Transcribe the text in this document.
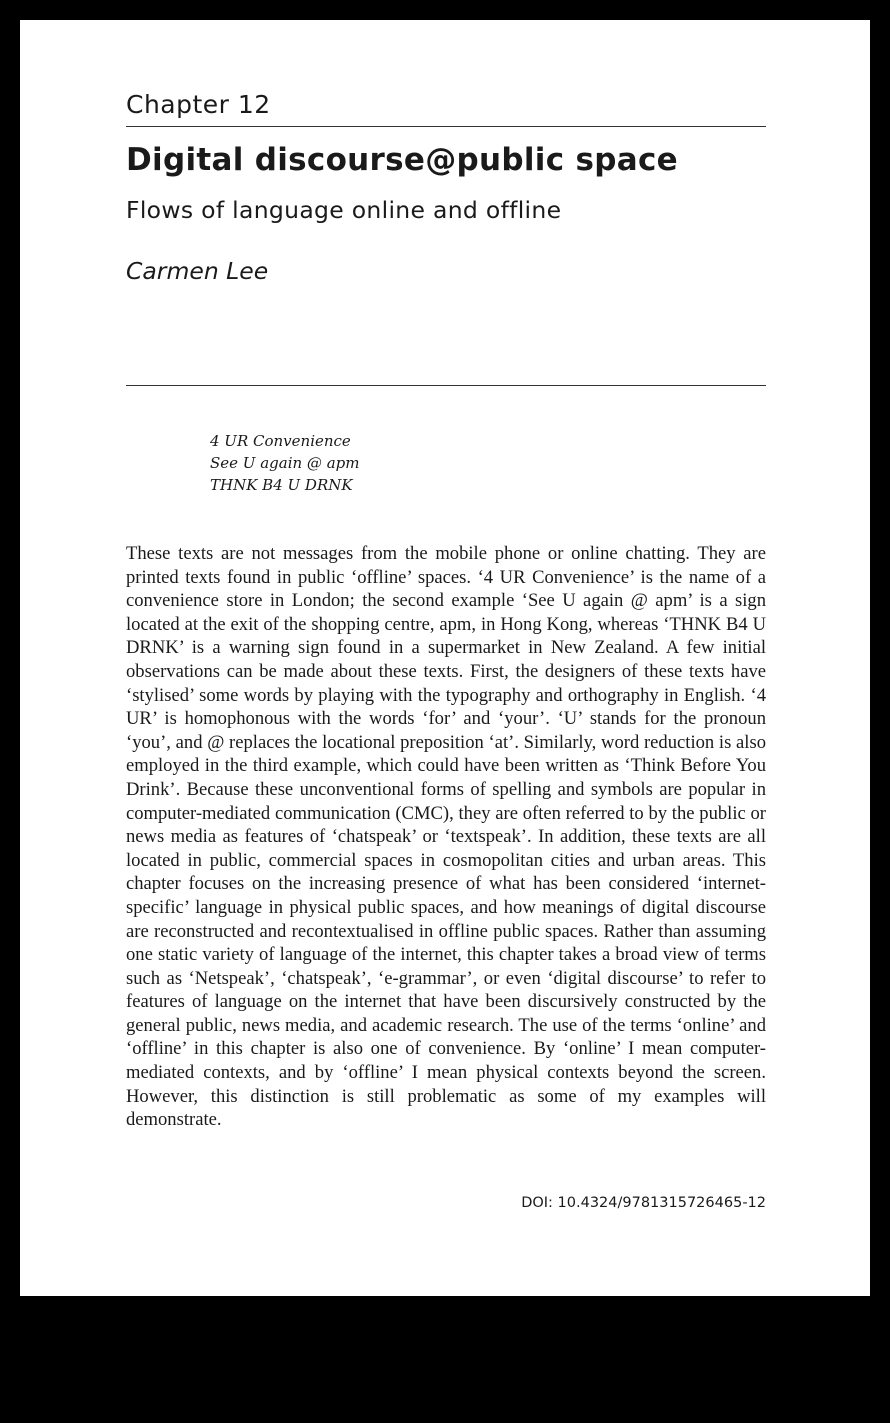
Chapter 12
Digital discourse@public space
Flows of language online and offline
Carmen Lee
4 UR Convenience
See U again @ apm
THNK B4 U DRNK

These texts are not messages from the mobile phone or online chatting. They are printed texts found in public ‘offline’ spaces. ‘4 UR Convenience’ is the name of a convenience store in London; the second example ‘See U again @ apm’ is a sign located at the exit of the shopping centre, apm, in Hong Kong, whereas ‘THNK B4 U DRNK’ is a warning sign found in a supermarket in New Zealand. A few initial observations can be made about these texts. First, the designers of these texts have ‘stylised’ some words by playing with the typography and orthography in English. ‘4 UR’ is homophonous with the words ‘for’ and ‘your’. ‘U’ stands for the pronoun ‘you’, and @ replaces the locational preposition ‘at’. Similarly, word reduction is also employed in the third example, which could have been written as ‘Think Before You Drink’. Because these unconventional forms of spelling and symbols are popular in computer-mediated communication (CMC), they are often referred to by the public or news media as features of ‘chatspeak’ or ‘textspeak’. In addition, these texts are all located in public, commercial spaces in cosmopolitan cities and urban areas. This chapter focuses on the increasing presence of what has been considered ‘internet-specific’ language in physical public spaces, and how meanings of digital discourse are reconstructed and recontextualised in offline public spaces. Rather than assuming one static variety of language of the internet, this chapter takes a broad view of terms such as ‘Netspeak’, ‘chatspeak’, ‘e-grammar’, or even ‘digital discourse’ to refer to features of language on the internet that have been discursively constructed by the general public, news media, and academic research. The use of the terms ‘online’ and ‘offline’ in this chapter is also one of convenience. By ‘online’ I mean computer-mediated contexts, and by ‘offline’ I mean physical contexts beyond the screen. However, this distinction is still problematic as some of my examples will demonstrate.

DOI: 10.4324/9781315726465-12
